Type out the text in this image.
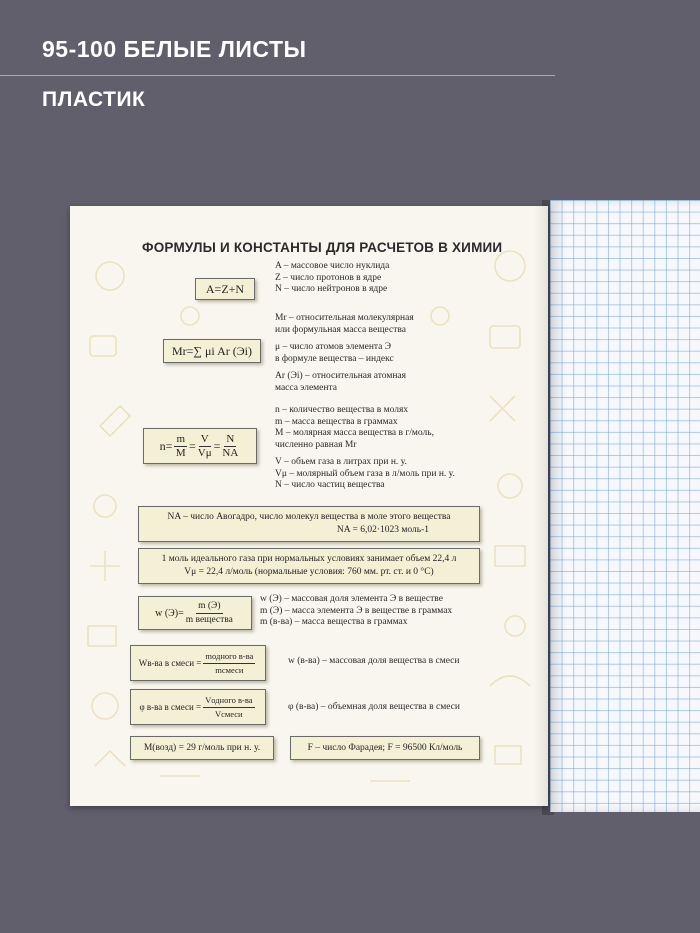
95-100 БЕЛЫЕ ЛИСТЫ
ПЛАСТИК
ФОРМУЛЫ И КОНСТАНТЫ ДЛЯ РАСЧЕТОВ В ХИМИИ
A=Z+N
A – массовое число нуклида
Z – число протонов в ядре
N – число нейтронов в ядре
Mr=∑ μi Ar (Эi)
Mr – относительная молекулярная
или формульная масса вещества
μ – число атомов элемента Э
в формуле вещества – индекс
Ar (Эi) – относительная атомная
масса элемента
$n= \frac{m}{M} = \frac{V}{V\mu} = \frac{N}{NA}$
n – количество вещества в молях
m – масса вещества в граммах
M – молярная масса вещества в г/моль,
численно равная Mr
V – объем газа в литрах при н. у.
Vμ – молярный объем газа в л/моль при н. у.
N – число частиц вещества
NA – число Авогадро, число молекул вещества в моле этого вещества
NA = 6,02·1023 моль-1
1 моль идеального газа при нормальных условиях занимает объем 22,4 л
Vμ = 22,4 л/моль (нормальные условия: 760 мм. рт. ст. и 0 °C)
w $(Э)= \frac{m (Э)}{\text{m вещества}}$
w (Э) – массовая доля элемента Э в веществе
m (Э) – масса элемента Э в веществе в граммах
m (в-ва) – масса вещества в граммах
Wв-ва в смеси = $\frac{\text{mодного в-ва}}{\text{mсмеси}}$	w (в-ва) – массовая доля вещества в смеси
φ в-ва в смеси = $\frac{\text{Vодного в-ва}}{\text{Vсмеси}}$	φ (в-ва) – объемная доля вещества в смеси
M(возд) = 29 г/моль при н. у.	F – число Фарадея; F = 96500 Кл/моль
